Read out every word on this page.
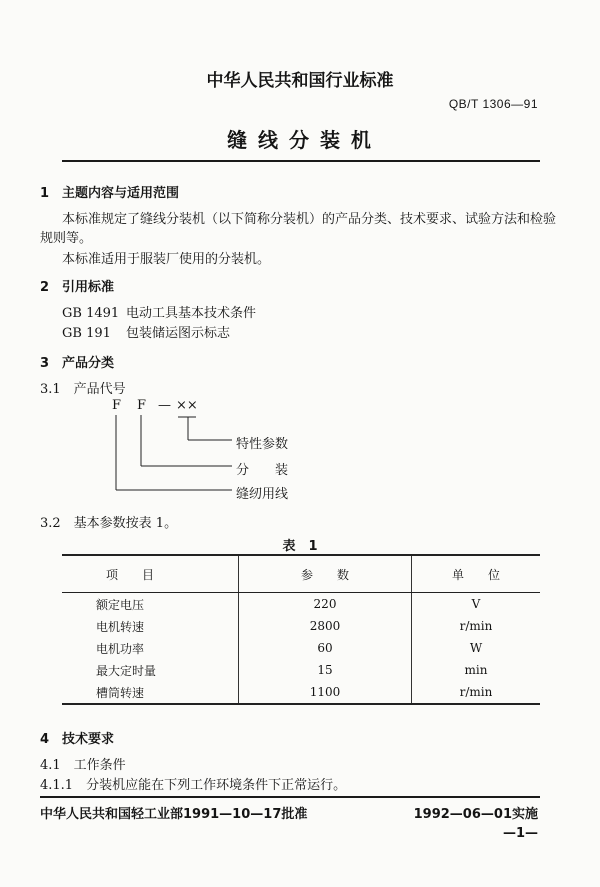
中华人民共和国行业标准
QB/T 1306—91
缝 线 分 装 机
1　主题内容与适用范围
本标准规定了缝线分装机（以下简称分装机）的产品分类、技术要求、试验方法和检验
规则等。
本标准适用于服装厂使用的分装机。
2　引用标准
GB 1491 电动工具基本技术条件
GB 191 包装储运图示标志
3　产品分类
3.1　产品代号
F F — ××
特性参数
分　　装
缝纫用线
3.2　基本参数按表 1。
表　1
项　　目	参　　数	单　　位
额定电压	220	V
电机转速	2800	r/min
电机功率	60	W
最大定时量	15	min
槽筒转速	1100	r/min
4　技术要求
4.1　工作条件
4.1.1　分装机应能在下列工作环境条件下正常运行。
中华人民共和国轻工业部1991—10—17批准	1992—06—01实施
—1—
